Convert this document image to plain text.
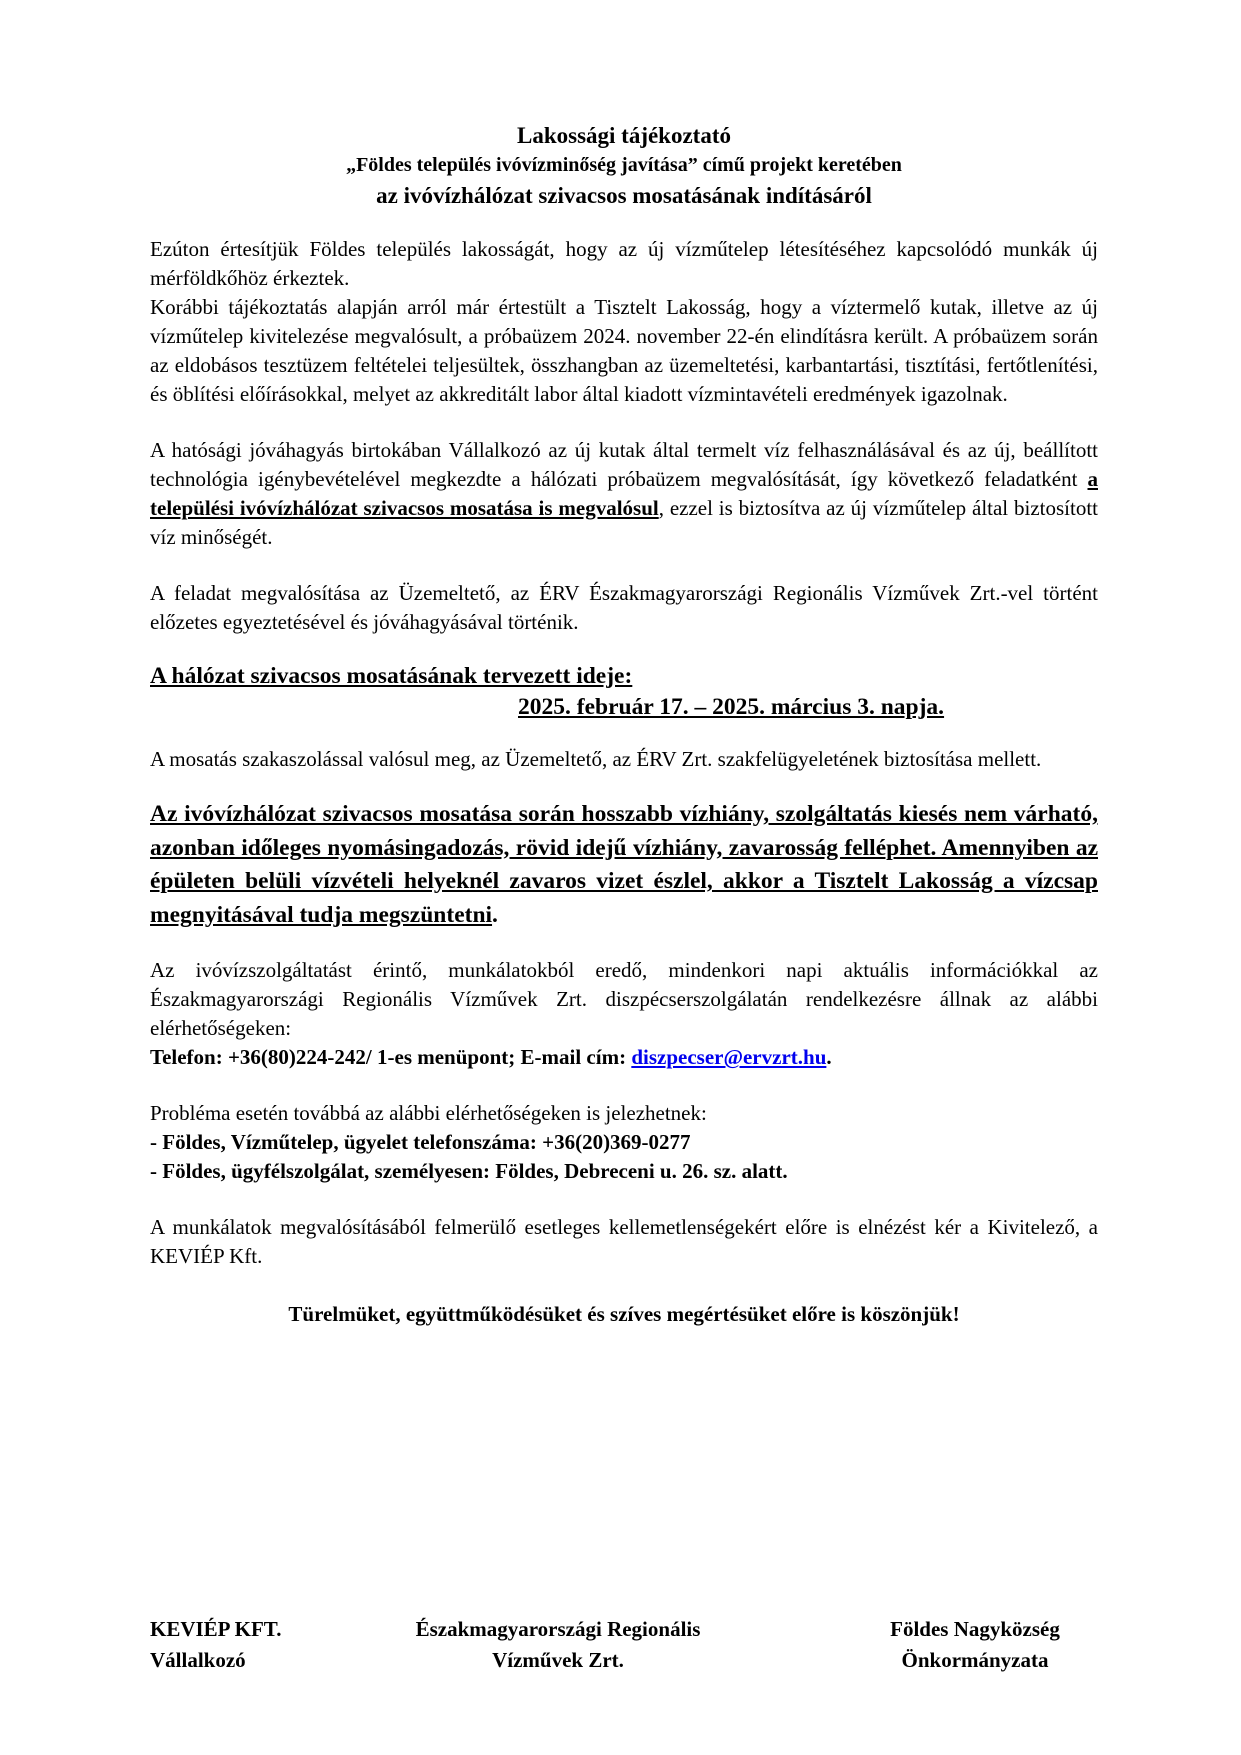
Lakossági tájékoztató
„Földes település ivóvízminőség javítása” című projekt keretében
az ivóvízhálózat szivacsos mosatásának indításáról

Ezúton értesítjük Földes település lakosságát, hogy az új vízműtelep létesítéséhez kapcsolódó munkák új mérföldkőhöz érkeztek.

Korábbi tájékoztatás alapján arról már értestült a Tisztelt Lakosság, hogy a víztermelő kutak, illetve az új vízműtelep kivitelezése megvalósult, a próbaüzem 2024. november 22-én elindításra került. A próbaüzem során az eldobásos tesztüzem feltételei teljesültek, összhangban az üzemeltetési, karbantartási, tisztítási, fertőtlenítési, és öblítési előírásokkal, melyet az akkreditált labor által kiadott vízmintavételi eredmények igazolnak.

A hatósági jóváhagyás birtokában Vállalkozó az új kutak által termelt víz felhasználásával és az új, beállított technológia igénybevételével megkezdte a hálózati próbaüzem megvalósítását, így következő feladatként a települési ivóvízhálózat szivacsos mosatása is megvalósul, ezzel is biztosítva az új vízműtelep által biztosított víz minőségét.

A feladat megvalósítása az Üzemeltető, az ÉRV Északmagyarországi Regionális Vízművek Zrt.-vel történt előzetes egyeztetésével és jóváhagyásával történik.

A hálózat szivacsos mosatásának tervezett ideje:
2025. február 17. – 2025. március 3. napja.

A mosatás szakaszolással valósul meg, az Üzemeltető, az ÉRV Zrt. szakfelügyeletének biztosítása mellett.

Az ivóvízhálózat szivacsos mosatása során hosszabb vízhiány, szolgáltatás kiesés nem várható, azonban időleges nyomásingadozás, rövid idejű vízhiány, zavarosság felléphet. Amennyiben az épületen belüli vízvételi helyeknél zavaros vizet észlel, akkor a Tisztelt Lakosság a vízcsap megnyitásával tudja megszüntetni.

Az ivóvízszolgáltatást érintő, munkálatokból eredő, mindenkori napi aktuális információkkal az Északmagyarországi Regionális Vízművek Zrt. diszpécserszolgálatán rendelkezésre állnak az alábbi elérhetőségeken:

Telefon: +36(80)224-242/ 1-es menüpont; E-mail cím: diszpecser@ervzrt.hu.

Probléma esetén továbbá az alábbi elérhetőségeken is jelezhetnek:

- Földes, Vízműtelep, ügyelet telefonszáma: +36(20)369-0277

- Földes, ügyfélszolgálat, személyesen: Földes, Debreceni u. 26. sz. alatt.

A munkálatok megvalósításából felmerülő esetleges kellemetlenségekért előre is elnézést kér a Kivitelező, a KEVIÉP Kft.

Türelmüket, együttműködésüket és szíves megértésüket előre is köszönjük!
KEVIÉP KFT.
Vállalkozó
Északmagyarországi Regionális
Vízművek Zrt.
Földes Nagyközség
Önkormányzata
